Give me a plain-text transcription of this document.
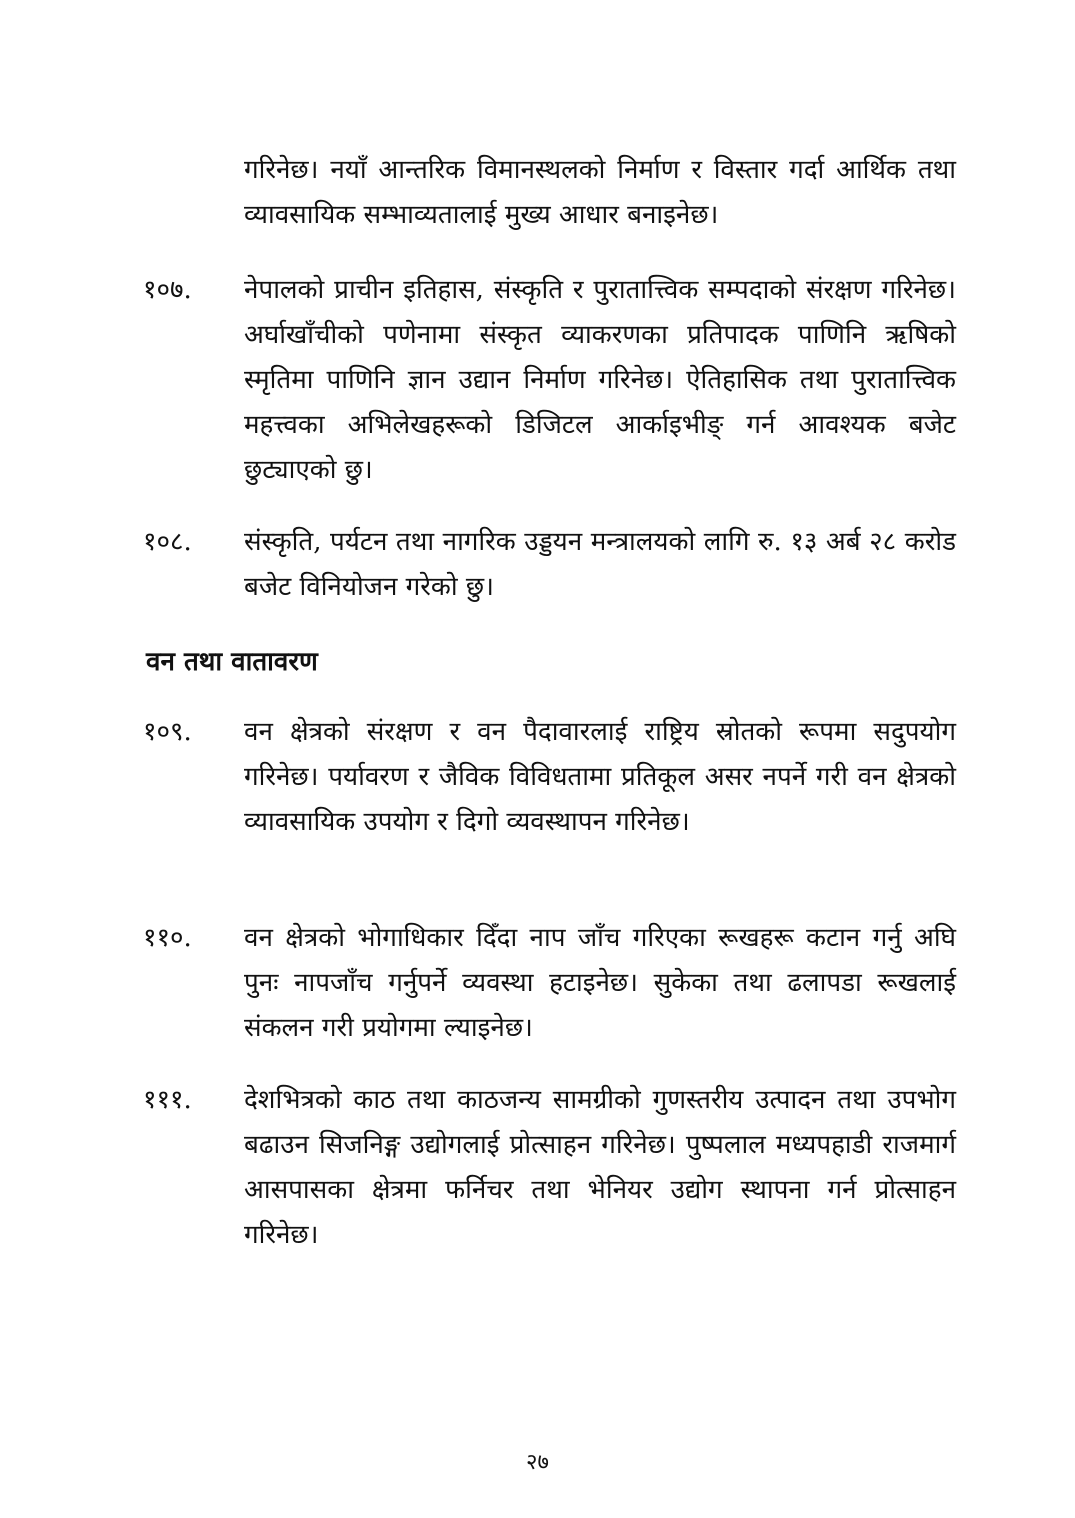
गरिनेछ। नयाँ आन्तरिक विमानस्थलको निर्माण र विस्तार गर्दा आर्थिक तथा व्यावसायिक सम्भाव्यतालाई मुख्य आधार बनाइनेछ।
१०७.	नेपालको प्राचीन इतिहास, संस्कृति र पुरातात्त्विक सम्पदाको संरक्षण गरिनेछ। अर्घाखाँचीको पणेनामा संस्कृत व्याकरणका प्रतिपादक पाणिनि ऋषिको स्मृतिमा पाणिनि ज्ञान उद्यान निर्माण गरिनेछ। ऐतिहासिक तथा पुरातात्त्विक महत्त्वका अभिलेखहरूको डिजिटल आर्काइभीङ् गर्न आवश्यक बजेट छुट्याएको छु।
१०८.	संस्कृति, पर्यटन तथा नागरिक उड्डयन मन्त्रालयको लागि रु. १३ अर्ब २८ करोड बजेट विनियोजन गरेको छु।
वन तथा वातावरण
१०९.	वन क्षेत्रको संरक्षण र वन पैदावारलाई राष्ट्रिय स्रोतको रूपमा सदुपयोग गरिनेछ। पर्यावरण र जैविक विविधतामा प्रतिकूल असर नपर्ने गरी वन क्षेत्रको व्यावसायिक उपयोग र दिगो व्यवस्थापन गरिनेछ।
११०.	वन क्षेत्रको भोगाधिकार दिँदा नाप जाँच गरिएका रूखहरू कटान गर्नु अघि पुनः नापजाँच गर्नुपर्ने व्यवस्था हटाइनेछ। सुकेका तथा ढलापडा रूखलाई संकलन गरी प्रयोगमा ल्याइनेछ।
१११.	देशभित्रको काठ तथा काठजन्य सामग्रीको गुणस्तरीय उत्पादन तथा उपभोग बढाउन सिजनिङ्ग उद्योगलाई प्रोत्साहन गरिनेछ। पुष्पलाल मध्यपहाडी राजमार्ग आसपासका क्षेत्रमा फर्निचर तथा भेनियर उद्योग स्थापना गर्न प्रोत्साहन गरिनेछ।
२७
